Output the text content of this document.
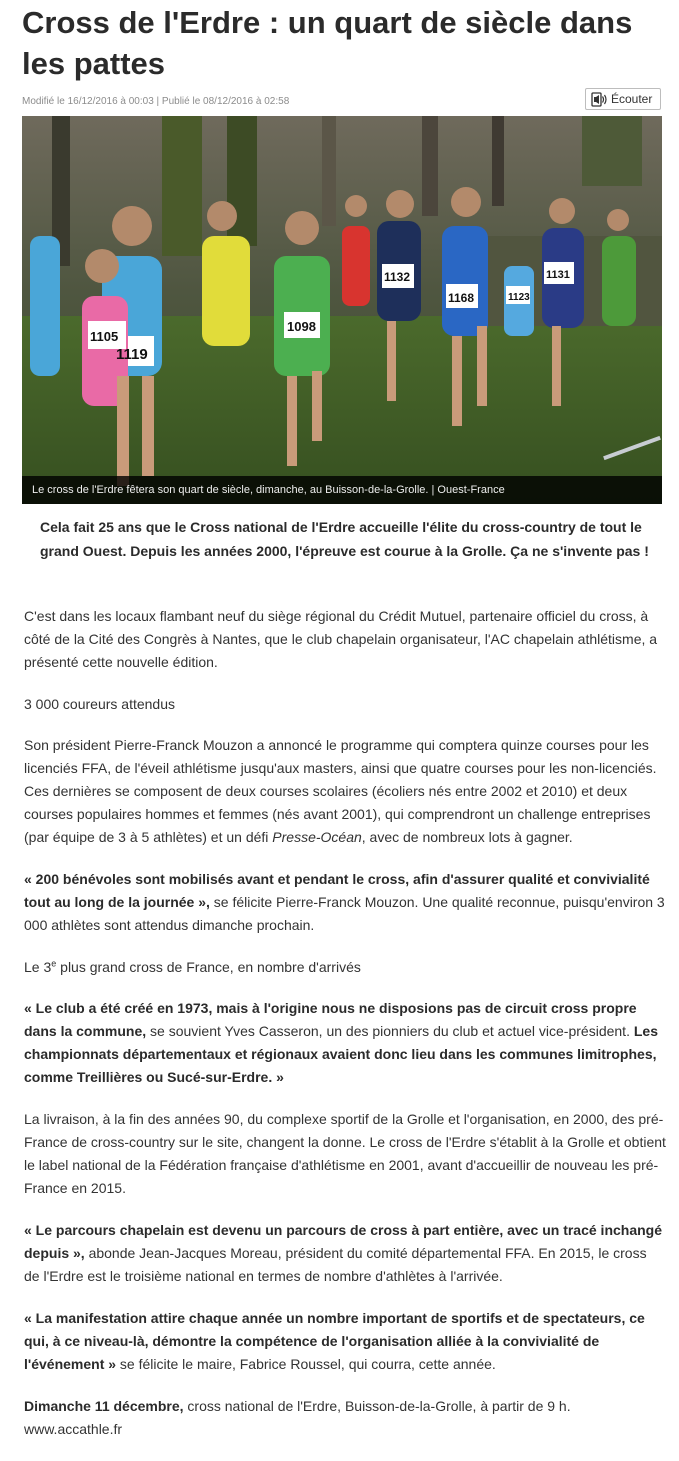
Cross de l'Erdre : un quart de siècle dans les pattes
Modifié le 16/12/2016 à 00:03 | Publié le 08/12/2016 à 02:58	Écouter
1119
1105
1098
1132
1168
1131
1123
Le cross de l'Erdre fêtera son quart de siècle, dimanche, au Buisson-de-la-Grolle. | Ouest-France
Cela fait 25 ans que le Cross national de l'Erdre accueille l'élite du cross-country de tout le grand Ouest. Depuis les années 2000, l'épreuve est courue à la Grolle. Ça ne s'invente pas !

C'est dans les locaux flambant neuf du siège régional du Crédit Mutuel, partenaire officiel du cross, à côté de la Cité des Congrès à Nantes, que le club chapelain organisateur, l'AC chapelain athlétisme, a présenté cette nouvelle édition.

3 000 coureurs attendus

Son président Pierre-Franck Mouzon a annoncé le programme qui comptera quinze courses pour les licenciés FFA, de l'éveil athlétisme jusqu'aux masters, ainsi que quatre courses pour les non-licenciés. Ces dernières se composent de deux courses scolaires (écoliers nés entre 2002 et 2010) et deux courses populaires hommes et femmes (nés avant 2001), qui comprendront un challenge entreprises (par équipe de 3 à 5 athlètes) et un défi Presse-Océan, avec de nombreux lots à gagner.

« 200 bénévoles sont mobilisés avant et pendant le cross, afin d'assurer qualité et convivialité tout au long de la journée », se félicite Pierre-Franck Mouzon. Une qualité reconnue, puisqu'environ 3 000 athlètes sont attendus dimanche prochain.

Le 3e plus grand cross de France, en nombre d'arrivés

« Le club a été créé en 1973, mais à l'origine nous ne disposions pas de circuit cross propre dans la commune, se souvient Yves Casseron, un des pionniers du club et actuel vice-président. Les championnats départementaux et régionaux avaient donc lieu dans les communes limitrophes, comme Treillières ou Sucé-sur-Erdre. »

La livraison, à la fin des années 90, du complexe sportif de la Grolle et l'organisation, en 2000, des pré-France de cross-country sur le site, changent la donne. Le cross de l'Erdre s'établit à la Grolle et obtient le label national de la Fédération française d'athlétisme en 2001, avant d'accueillir de nouveau les pré-France en 2015.

« Le parcours chapelain est devenu un parcours de cross à part entière, avec un tracé inchangé depuis », abonde Jean-Jacques Moreau, président du comité départemental FFA. En 2015, le cross de l'Erdre est le troisième national en termes de nombre d'athlètes à l'arrivée.

« La manifestation attire chaque année un nombre important de sportifs et de spectateurs, ce qui, à ce niveau-là, démontre la compétence de l'organisation alliée à la convivialité de l'événement » se félicite le maire, Fabrice Roussel, qui courra, cette année.

Dimanche 11 décembre, cross national de l'Erdre, Buisson-de-la-Grolle, à partir de 9 h.
www.accathle.fr
